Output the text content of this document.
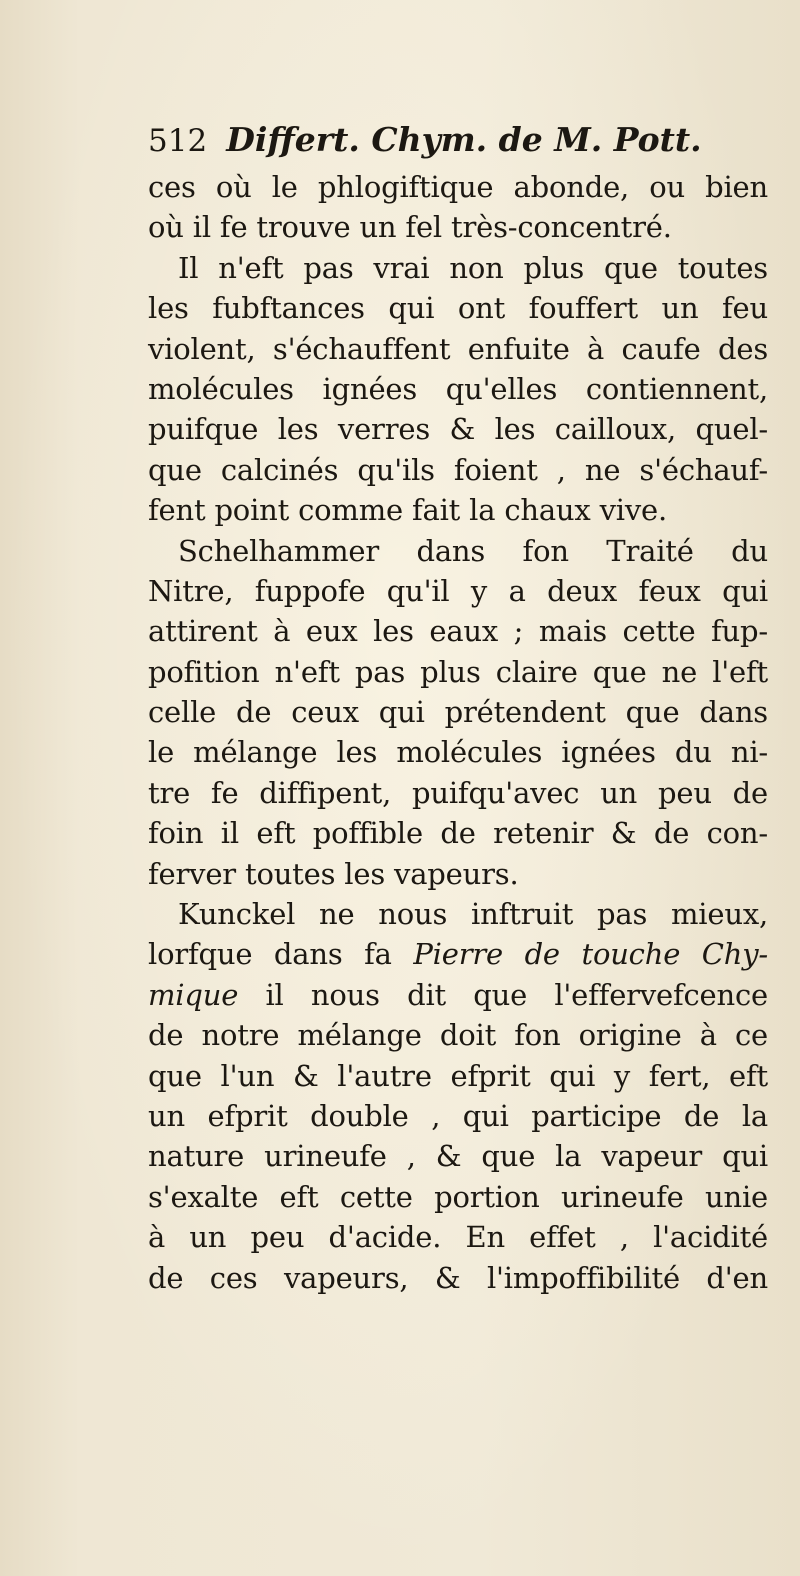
512 Differt. Chym. de M. Pott.
ces où le phlogiftique abonde, ou bien
où il fe trouve un fel très-concentré.
Il n'eft pas vrai non plus que toutes
les fubftances qui ont fouffert un feu
violent, s'échauffent enfuite à caufe des
molécules ignées qu'elles contiennent,
puifque les verres & les cailloux, quel-
que calcinés qu'ils foient , ne s'échauf-
fent point comme fait la chaux vive.
Schelhammer dans fon Traité du
Nitre, fuppofe qu'il y a deux feux qui
attirent à eux les eaux ; mais cette fup-
pofition n'eft pas plus claire que ne l'eft
celle de ceux qui prétendent que dans
le mélange les molécules ignées du ni-
tre fe diffipent, puifqu'avec un peu de
foin il eft poffible de retenir & de con-
ferver toutes les vapeurs.
Kunckel ne nous inftruit pas mieux,
lorfque dans fa Pierre de touche Chy-
mique il nous dit que l'effervefcence
de notre mélange doit fon origine à ce
que l'un & l'autre efprit qui y fert, eft
un efprit double , qui participe de la
nature urineufe , & que la vapeur qui
s'exalte eft cette portion urineufe unie
à un peu d'acide. En effet , l'acidité
de ces vapeurs, & l'impoffibilité d'en
